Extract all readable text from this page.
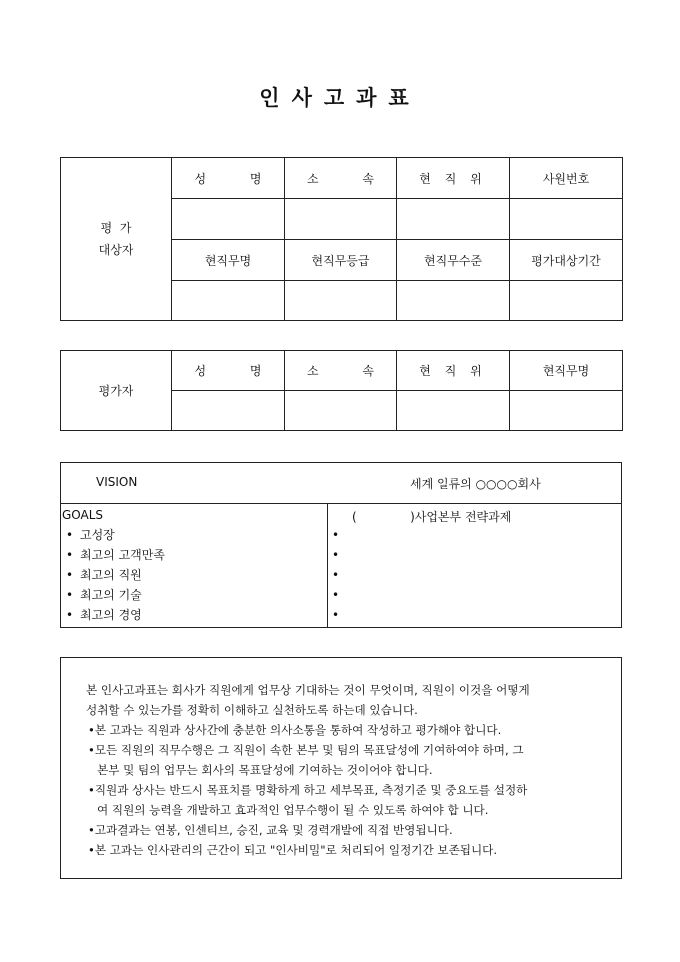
인사고과표
평  가
대상자	성 명	소 속	현 직 위	사원번호

	현직무명	현직무등급	현직무수준	평가대상기간

평가자	성 명	소 속	현 직 위	현직무명

VISION	세계 일류의 ○○○○회사
GOALS
• 고성장
• 최고의 고객만족
• 최고의 직원
• 최고의 기술
• 최고의 경영
(              )사업본부 전략과제
•
•
•
•
•

본 인사고과표는 회사가 직원에게 업무상 기대하는 것이 무엇이며, 직원이 이것을 어떻게

성취할 수 있는가를 정확히 이해하고 실천하도록 하는데 있습니다.

•본 고과는 직원과 상사간에 충분한 의사소통을 통하여 작성하고 평가해야 합니다.

•모든 직원의 직무수행은 그 직원이 속한 본부 및 팀의 목표달성에 기여하여야 하며, 그

본부 및 팀의 업무는 회사의 목표달성에 기여하는 것이어야 합니다.

•직원과 상사는 반드시 목표치를 명확하게 하고 세부목표, 측정기준 및 중요도를 설정하

여 직원의 능력을 개발하고 효과적인 업무수행이 될 수 있도록 하여야 합 니다.

•고과결과는 연봉, 인센티브, 승진, 교육 및 경력개발에 직접 반영됩니다.

•본 고과는 인사관리의 근간이 되고 "인사비밀"로 처리되어 일정기간 보존됩니다.
